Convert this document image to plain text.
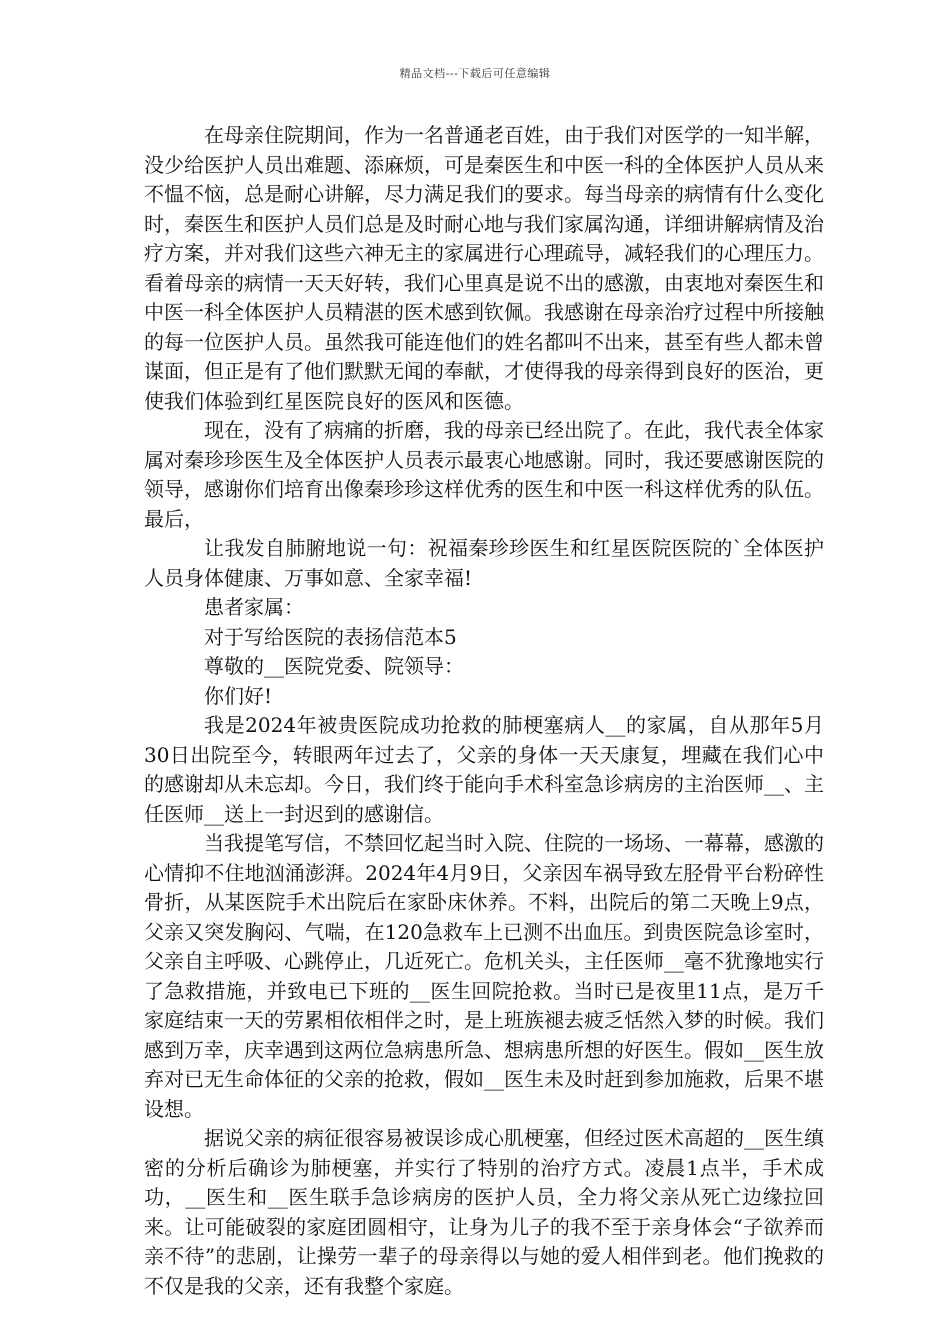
精品文档---下载后可任意编辑

在母亲住院期间，作为一名普通老百姓，由于我们对医学的一知半解，没少给医护人员出难题、添麻烦，可是秦医生和中医一科的全体医护人员从来不愠不恼，总是耐心讲解，尽力满足我们的要求。每当母亲的病情有什么变化时，秦医生和医护人员们总是及时耐心地与我们家属沟通，详细讲解病情及治疗方案，并对我们这些六神无主的家属进行心理疏导，减轻我们的心理压力。看着母亲的病情一天天好转，我们心里真是说不出的感激，由衷地对秦医生和中医一科全体医护人员精湛的医术感到钦佩。我感谢在母亲治疗过程中所接触的每一位医护人员。虽然我可能连他们的姓名都叫不出来，甚至有些人都未曾谋面，但正是有了他们默默无闻的奉献，才使得我的母亲得到良好的医治，更使我们体验到红星医院良好的医风和医德。

现在，没有了病痛的折磨，我的母亲已经出院了。在此，我代表全体家属对秦珍珍医生及全体医护人员表示最衷心地感谢。同时，我还要感谢医院的领导，感谢你们培育出像秦珍珍这样优秀的医生和中医一科这样优秀的队伍。最后，

让我发自肺腑地说一句：祝福秦珍珍医生和红星医院医院的`全体医护人员身体健康、万事如意、全家幸福!

患者家属：

对于写给医院的表扬信范本5

尊敬的__医院党委、院领导：

你们好!

我是2024年被贵医院成功抢救的肺梗塞病人__的家属，自从那年5月30日出院至今，转眼两年过去了，父亲的身体一天天康复，埋藏在我们心中的感谢却从未忘却。今日，我们终于能向手术科室急诊病房的主治医师__、主任医师__送上一封迟到的感谢信。

当我提笔写信，不禁回忆起当时入院、住院的一场场、一幕幕，感激的心情抑不住地汹涌澎湃。2024年4月9日，父亲因车祸导致左胫骨平台粉碎性骨折，从某医院手术出院后在家卧床休养。不料，出院后的第二天晚上9点，父亲又突发胸闷、气喘，在120急救车上已测不出血压。到贵医院急诊室时，父亲自主呼吸、心跳停止，几近死亡。危机关头，主任医师__毫不犹豫地实行了急救措施，并致电已下班的__医生回院抢救。当时已是夜里11点，是万千家庭结束一天的劳累相依相伴之时，是上班族褪去疲乏恬然入梦的时候。我们感到万幸，庆幸遇到这两位急病患所急、想病患所想的好医生。假如__医生放弃对已无生命体征的父亲的抢救，假如__医生未及时赶到参加施救，后果不堪设想。

据说父亲的病征很容易被误诊成心肌梗塞，但经过医术高超的__医生缜密的分析后确诊为肺梗塞，并实行了特别的治疗方式。凌晨1点半，手术成功，__医生和__医生联手急诊病房的医护人员，全力将父亲从死亡边缘拉回来。让可能破裂的家庭团圆相守，让身为儿子的我不至于亲身体会“子欲养而亲不待”的悲剧，让操劳一辈子的母亲得以与她的爱人相伴到老。他们挽救的不仅是我的父亲，还有我整个家庭。
